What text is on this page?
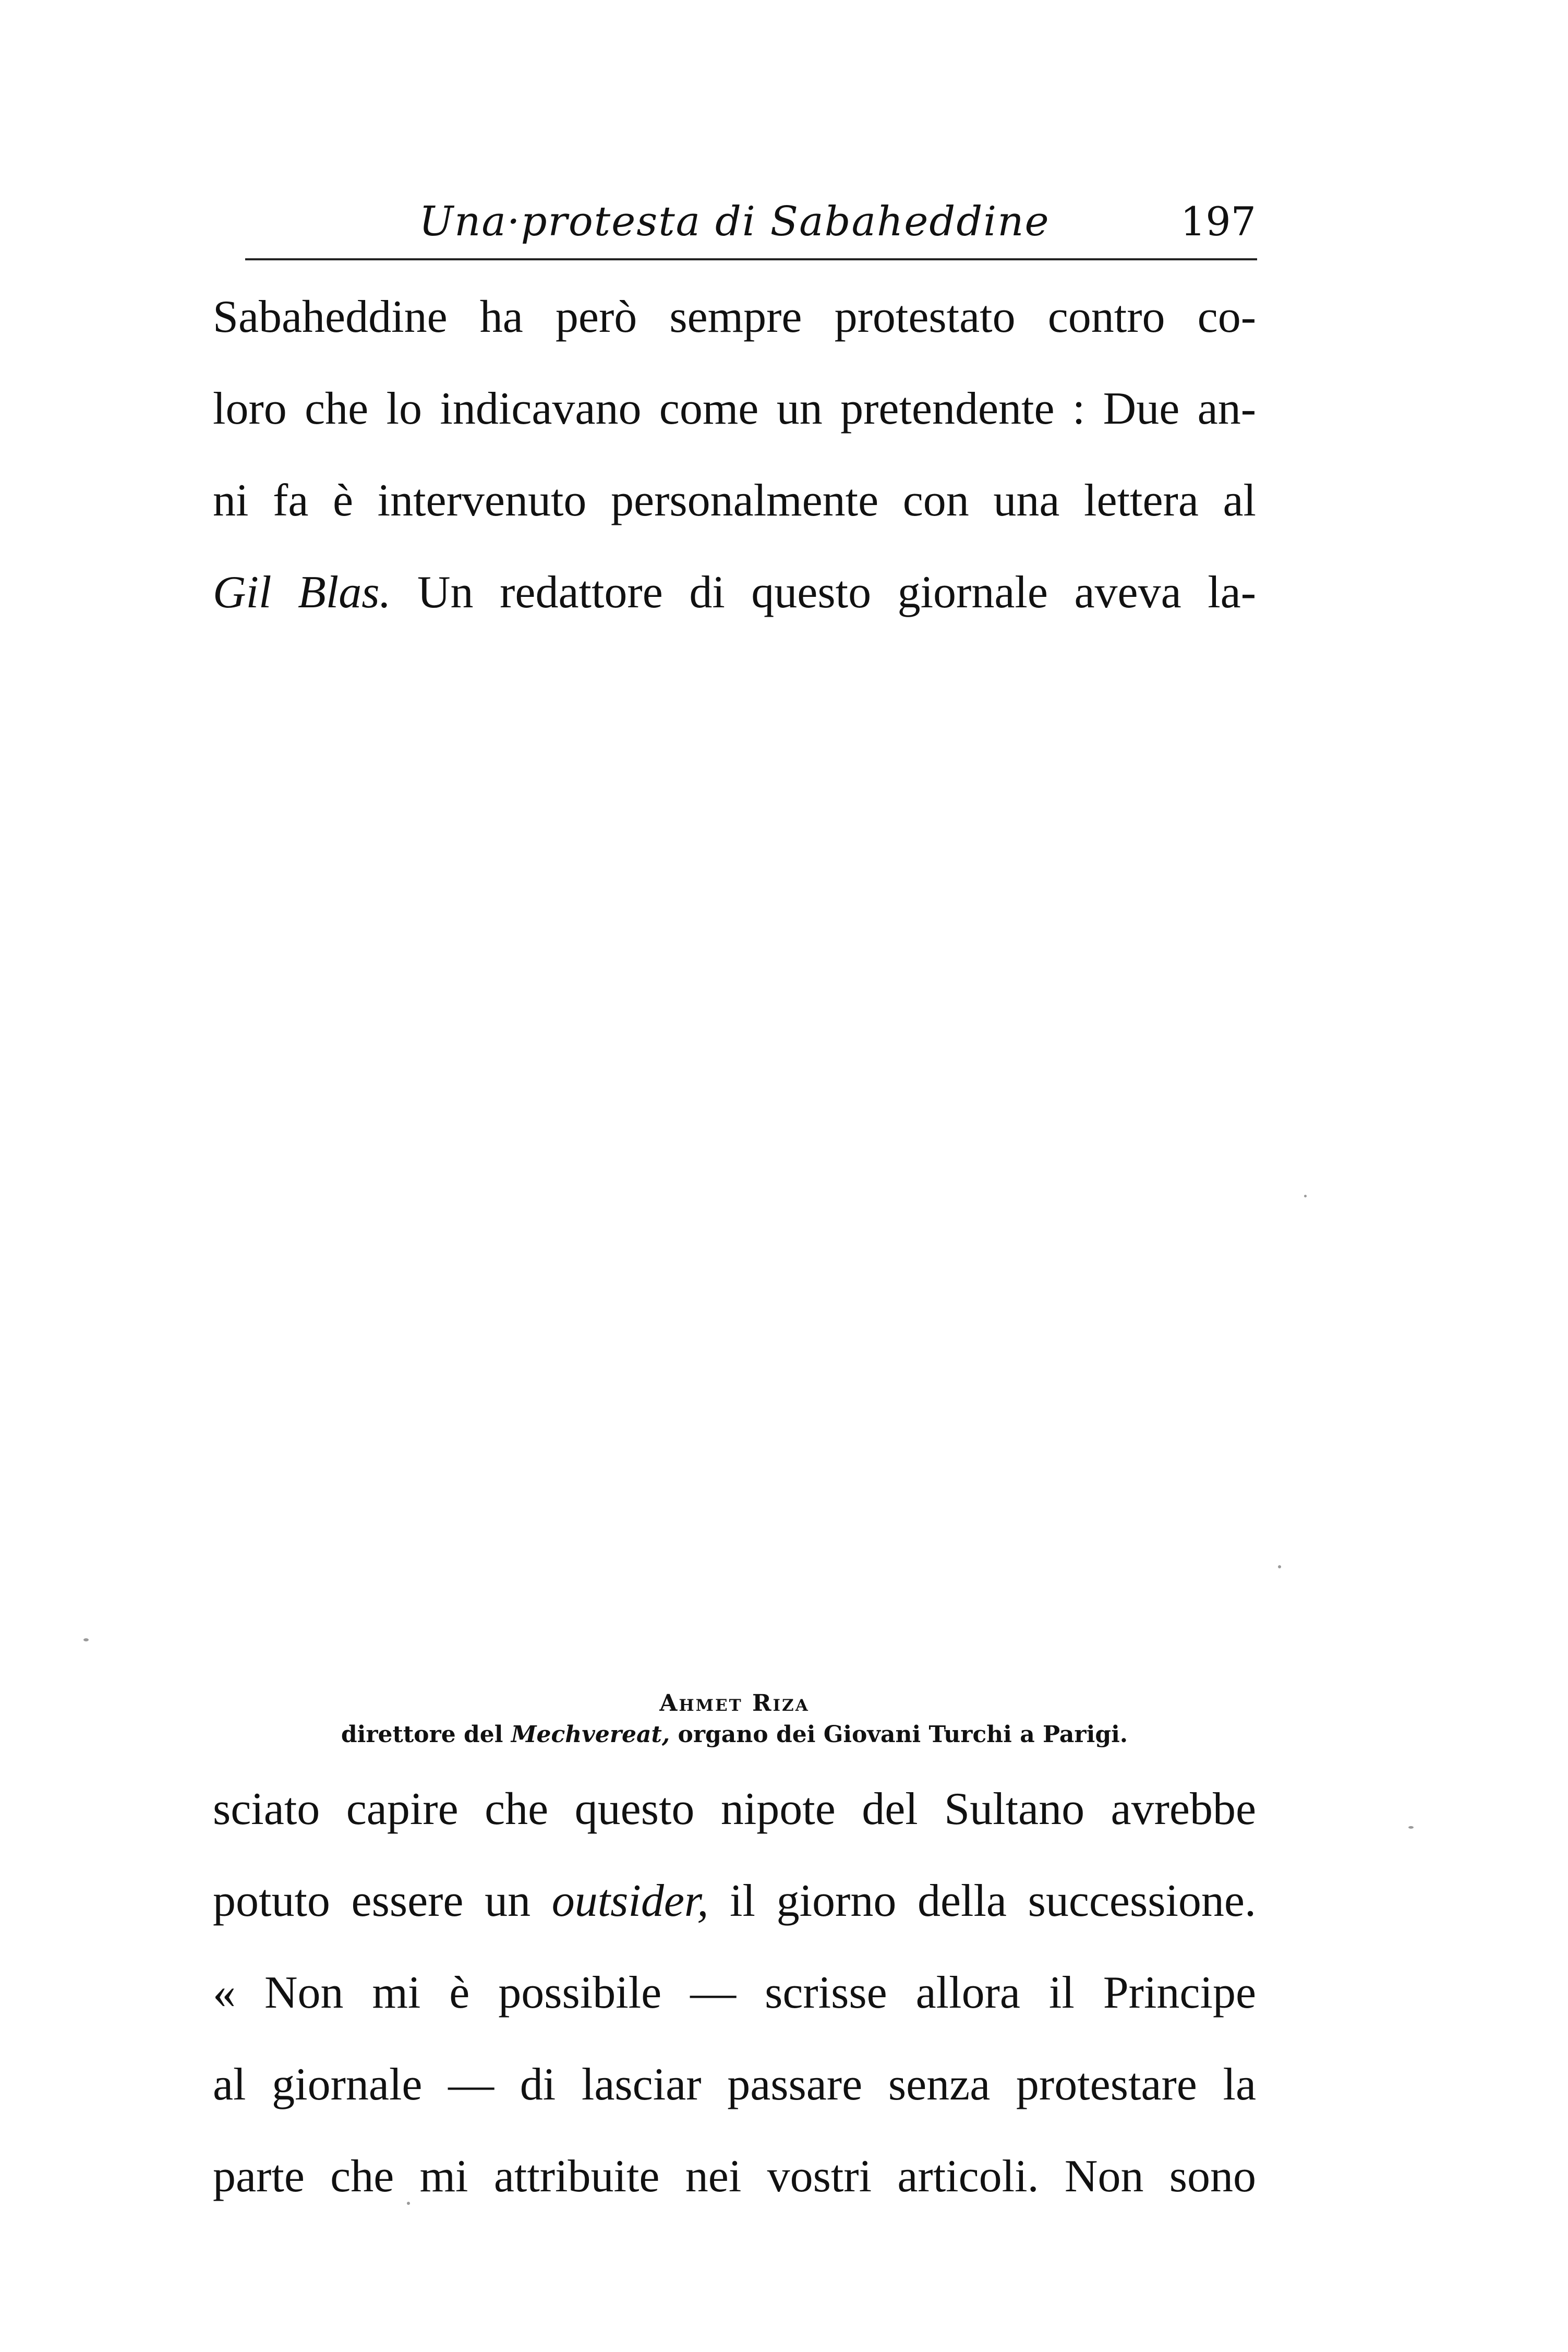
Una·protesta di Sabaheddine	197
Sabaheddine ha però sempre protestato contro co-
loro che lo indicavano come un pretendente : Due an-
ni fa è intervenuto personalmente con una lettera al
Gil Blas. Un redattore di questo giornale aveva la-
Ahmet Riza
direttore del Mechvereat, organo dei Giovani Turchi a Parigi.
sciato capire che questo nipote del Sultano avrebbe
potuto essere un outsider, il giorno della successione.
« Non mi è possibile — scrisse allora il Principe
al giornale — di lasciar passare senza protestare la
parte che mi attribuite nei vostri articoli. Non sono
